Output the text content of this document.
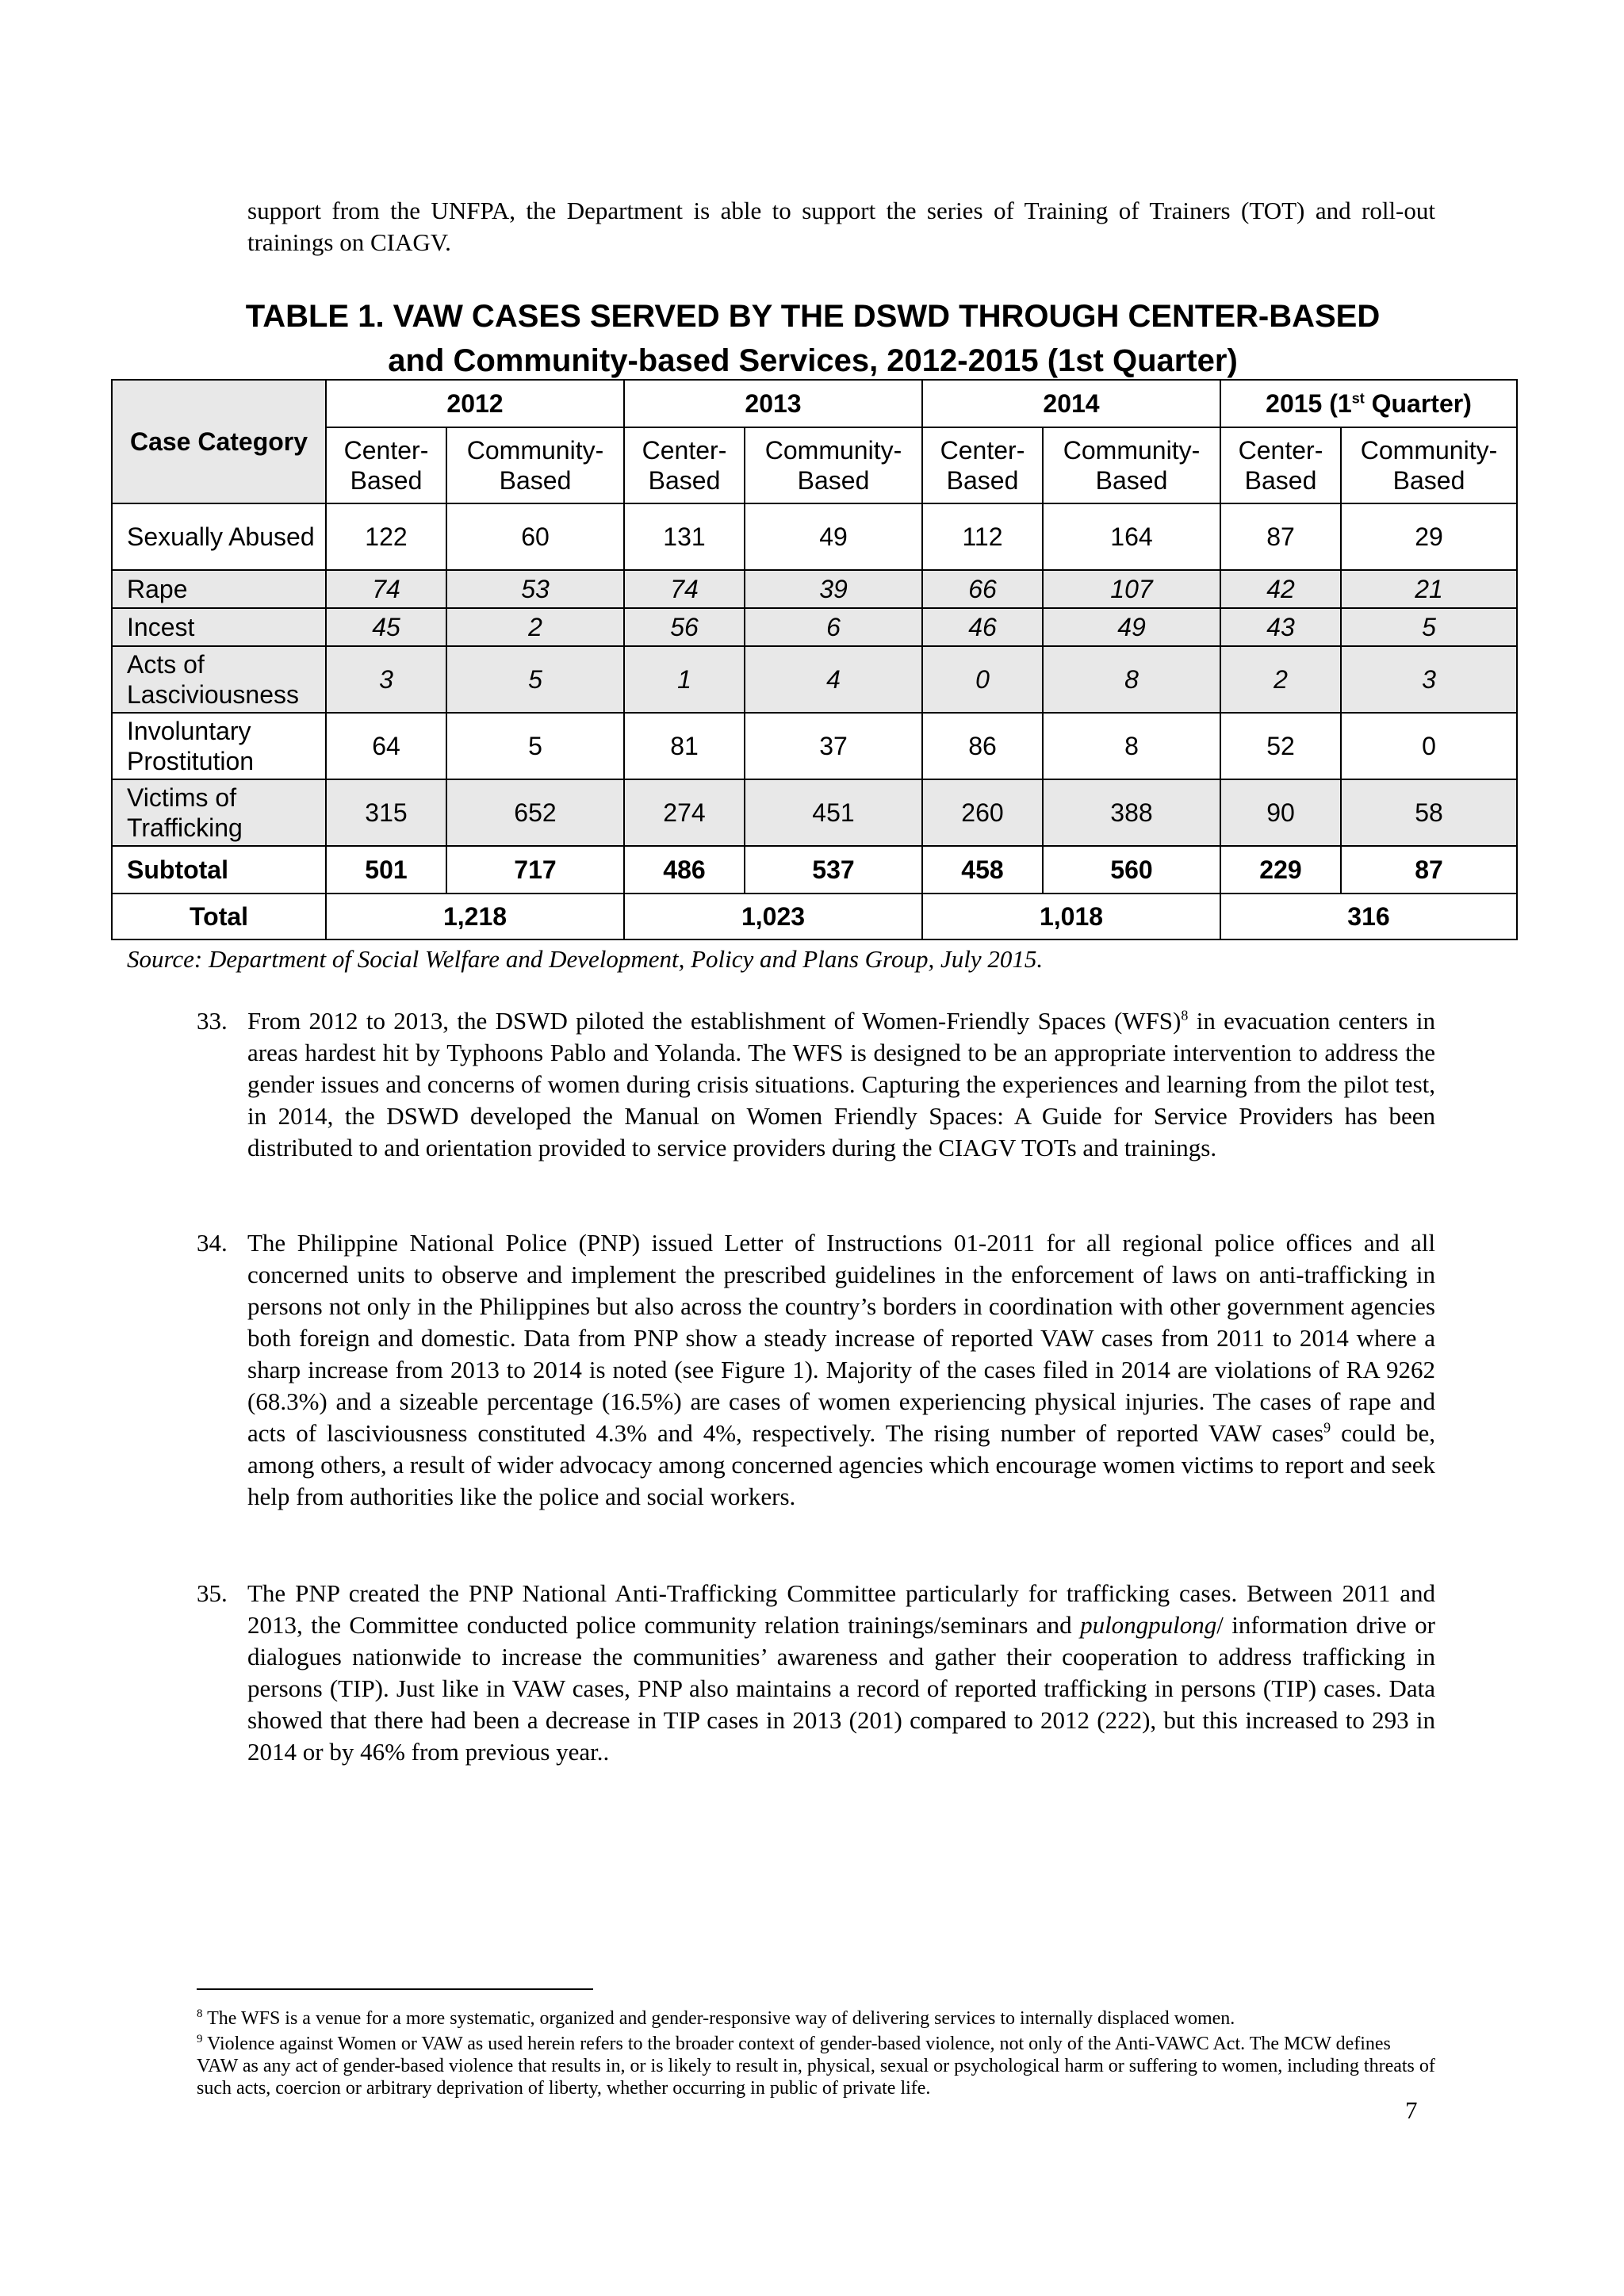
support from the UNFPA, the Department is able to support the series of Training of Trainers (TOT) and roll-out trainings on CIAGV.

TABLE 1. VAW CASES SERVED BY THE DSWD THROUGH CENTER-BASED

and Community-based Services, 2012-2015 (1st Quarter)

Case Category	2012		2013		2014		2015 (1st Quarter)	
	Center-Based	Community-Based	Center-Based	Community-Based	Center-Based	Community-Based	Center-Based	Community-Based
Sexually Abused	122	60	131	49	112	164	87	29
Rape	74	53	74	39	66	107	42	21
Incest	45	2	56	6	46	49	43	5
Acts of Lasciviousness	3	5	1	4	0	8	2	3
Involuntary Prostitution	64	5	81	37	86	8	52	0
Victims of Trafficking	315	652	274	451	260	388	90	58
Subtotal	501	717	486	537	458	560	229	87
Total	1,218		1,023		1,018		316	

Source: Department of Social Welfare and Development, Policy and Plans Group, July 2015.

33. From 2012 to 2013, the DSWD piloted the establishment of Women-Friendly Spaces (WFS)$^8$ in evacuation centers in areas hardest hit by Typhoons Pablo and Yolanda. The WFS is designed to be an appropriate intervention to address the gender issues and concerns of women during crisis situations. Capturing the experiences and learning from the pilot test, in 2014, the DSWD developed the Manual on Women Friendly Spaces: A Guide for Service Providers has been distributed to and orientation provided to service providers during the CIAGV TOTs and trainings.
34. The Philippine National Police (PNP) issued Letter of Instructions 01-2011 for all regional police offices and all concerned units to observe and implement the prescribed guidelines in the enforcement of laws on anti-trafficking in persons not only in the Philippines but also across the country’s borders in coordination with other government agencies both foreign and domestic. Data from PNP show a steady increase of reported VAW cases from 2011 to 2014 where a sharp increase from 2013 to 2014 is noted (see Figure 1). Majority of the cases filed in 2014 are violations of RA 9262 (68.3%) and a sizeable percentage (16.5%) are cases of women experiencing physical injuries. The cases of rape and acts of lasciviousness constituted 4.3% and 4%, respectively. The rising number of reported VAW cases$^9$ could be, among others, a result of wider advocacy among concerned agencies which encourage women victims to report and seek help from authorities like the police and social workers.
35. The PNP created the PNP National Anti-Trafficking Committee particularly for trafficking cases. Between 2011 and 2013, the Committee conducted police community relation trainings/seminars and pulongpulong/ information drive or dialogues nationwide to increase the communities’ awareness and gather their cooperation to address trafficking in persons (TIP). Just like in VAW cases, PNP also maintains a record of reported trafficking in persons (TIP) cases. Data showed that there had been a decrease in TIP cases in 2013 (201) compared to 2012 (222), but this increased to 293 in 2014 or by 46% from previous year..

$^8$ The WFS is a venue for a more systematic, organized and gender-responsive way of delivering services to internally displaced women.

$^9$ Violence against Women or VAW as used herein refers to the broader context of gender-based violence, not only of the Anti-VAWC Act. The MCW defines VAW as any act of gender-based violence that results in, or is likely to result in, physical, sexual or psychological harm or suffering to women, including threats of such acts, coercion or arbitrary deprivation of liberty, whether occurring in public of private life.

7
